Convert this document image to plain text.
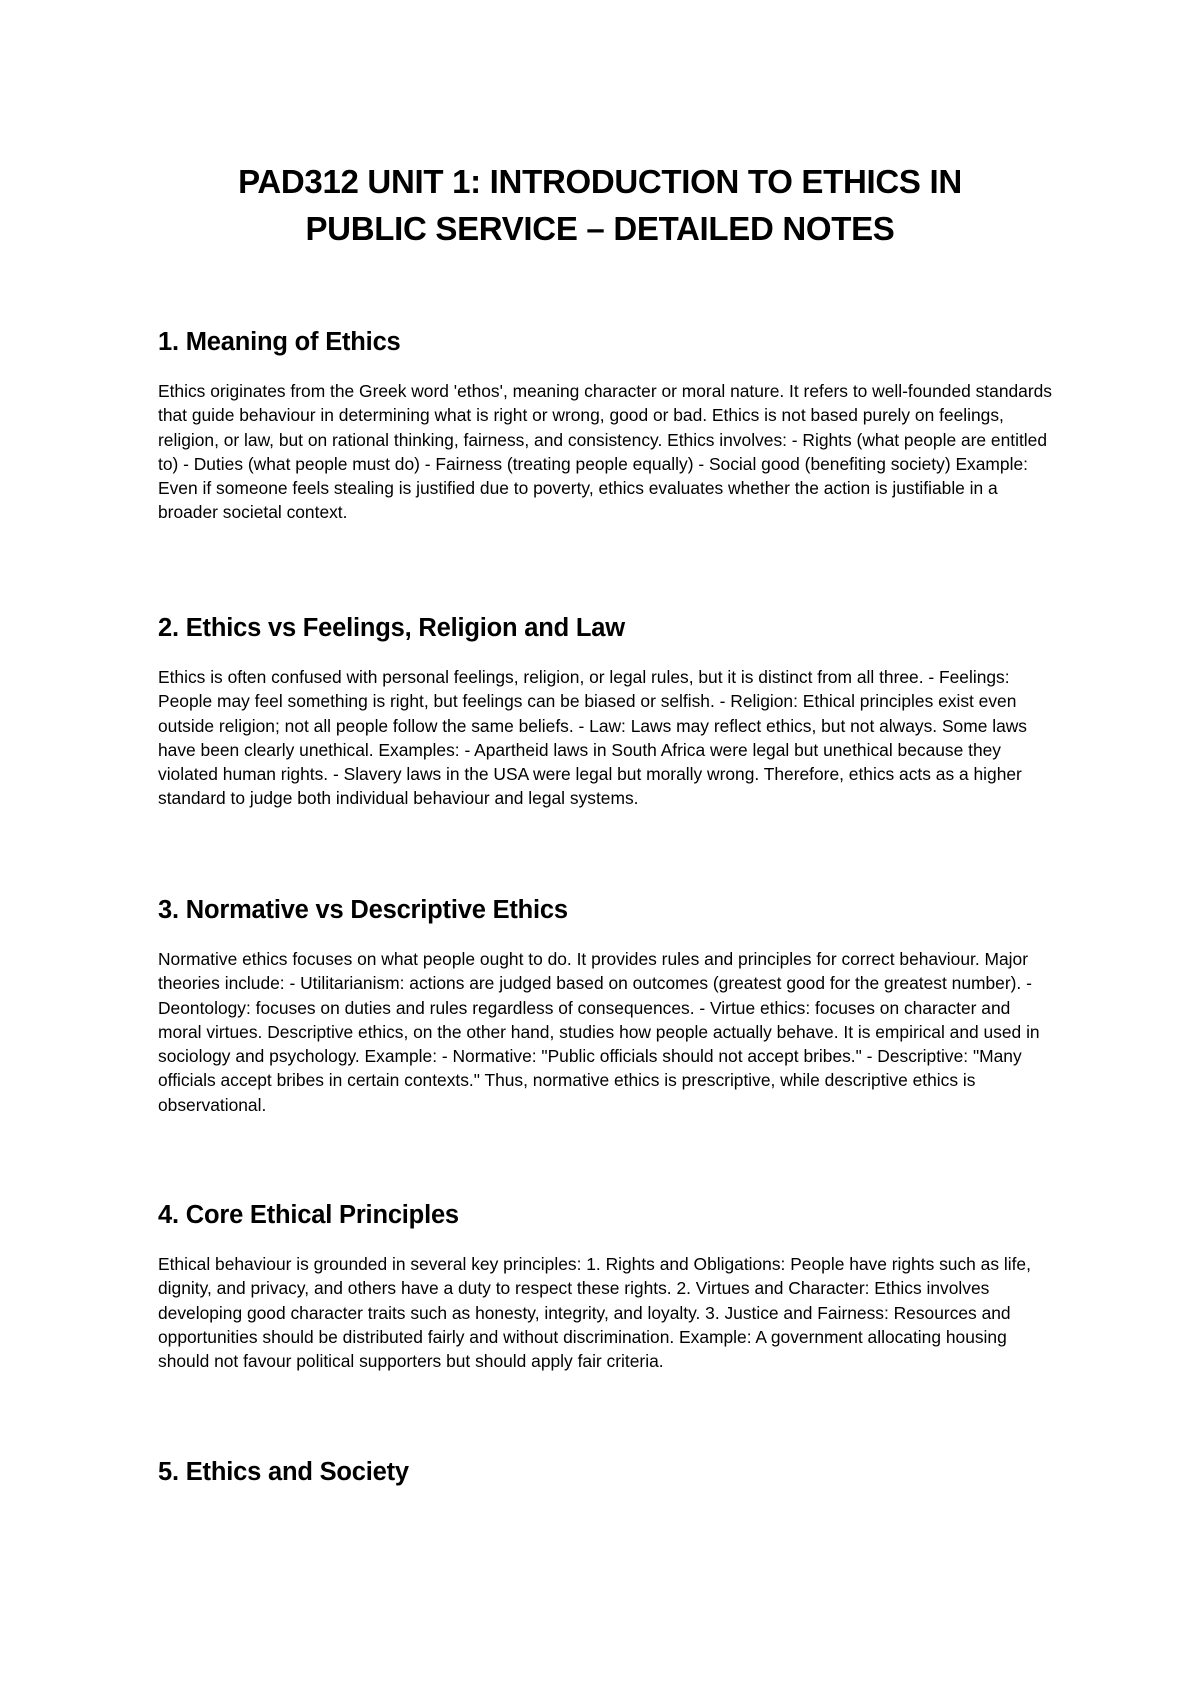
PAD312 UNIT 1: INTRODUCTION TO ETHICS IN
PUBLIC SERVICE – DETAILED NOTES
1. Meaning of Ethics

Ethics originates from the Greek word 'ethos', meaning character or moral nature. It refers to well-founded standards that guide behaviour in determining what is right or wrong, good or bad. Ethics is not based purely on feelings, religion, or law, but on rational thinking, fairness, and consistency. Ethics involves: - Rights (what people are entitled to) - Duties (what people must do) - Fairness (treating people equally) - Social good (benefiting society) Example: Even if someone feels stealing is justified due to poverty, ethics evaluates whether the action is justifiable in a broader societal context.

2. Ethics vs Feelings, Religion and Law

Ethics is often confused with personal feelings, religion, or legal rules, but it is distinct from all three. - Feelings: People may feel something is right, but feelings can be biased or selfish. - Religion: Ethical principles exist even outside religion; not all people follow the same beliefs. - Law: Laws may reflect ethics, but not always. Some laws have been clearly unethical. Examples: - Apartheid laws in South Africa were legal but unethical because they violated human rights. - Slavery laws in the USA were legal but morally wrong. Therefore, ethics acts as a higher standard to judge both individual behaviour and legal systems.

3. Normative vs Descriptive Ethics

Normative ethics focuses on what people ought to do. It provides rules and principles for correct behaviour. Major theories include: - Utilitarianism: actions are judged based on outcomes (greatest good for the greatest number). - Deontology: focuses on duties and rules regardless of consequences. - Virtue ethics: focuses on character and moral virtues. Descriptive ethics, on the other hand, studies how people actually behave. It is empirical and used in sociology and psychology. Example: - Normative: "Public officials should not accept bribes." - Descriptive: "Many officials accept bribes in certain contexts." Thus, normative ethics is prescriptive, while descriptive ethics is observational.

4. Core Ethical Principles

Ethical behaviour is grounded in several key principles: 1. Rights and Obligations: People have rights such as life, dignity, and privacy, and others have a duty to respect these rights. 2. Virtues and Character: Ethics involves developing good character traits such as honesty, integrity, and loyalty. 3. Justice and Fairness: Resources and opportunities should be distributed fairly and without discrimination. Example: A government allocating housing should not favour political supporters but should apply fair criteria.

5. Ethics and Society
